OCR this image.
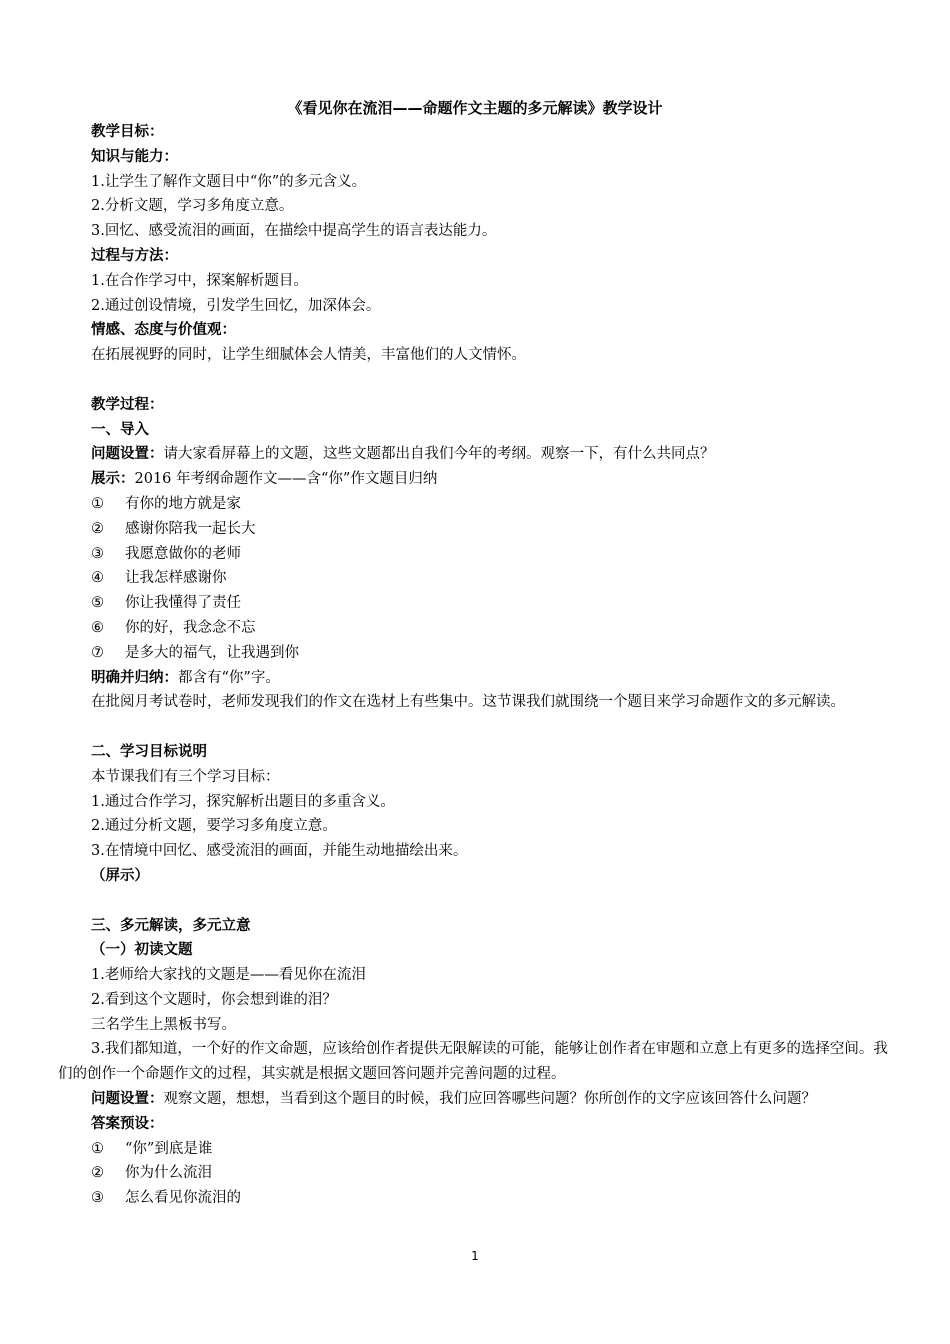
《看见你在流泪——命题作文主题的多元解读》教学设计
教学目标：
知识与能力：
1.让学生了解作文题目中“你”的多元含义。
2.分析文题，学习多角度立意。
3.回忆、感受流泪的画面，在描绘中提高学生的语言表达能力。
过程与方法：
1.在合作学习中，探案解析题目。
2.通过创设情境，引发学生回忆，加深体会。
情感、态度与价值观：
在拓展视野的同时，让学生细腻体会人情美，丰富他们的人文情怀。
教学过程：
一、导入
问题设置：请大家看屏幕上的文题，这些文题都出自我们今年的考纲。观察一下，有什么共同点？
展示：2016 年考纲命题作文——含“你”作文题目归纳
① 有你的地方就是家
② 感谢你陪我一起长大
③ 我愿意做你的老师
④ 让我怎样感谢你
⑤ 你让我懂得了责任
⑥ 你的好，我念念不忘
⑦ 是多大的福气，让我遇到你
明确并归纳：都含有“你”字。
在批阅月考试卷时，老师发现我们的作文在选材上有些集中。这节课我们就围绕一个题目来学习命题作文的多元解读。
二、学习目标说明
本节课我们有三个学习目标：
1.通过合作学习，探究解析出题目的多重含义。
2.通过分析文题，要学习多角度立意。
3.在情境中回忆、感受流泪的画面，并能生动地描绘出来。
（屏示）
三、多元解读，多元立意
（一）初读文题
1.老师给大家找的文题是——看见你在流泪
2.看到这个文题时，你会想到谁的泪？
三名学生上黑板书写。
3.我们都知道，一个好的作文命题，应该给创作者提供无限解读的可能，能够让创作者在审题和立意上有更多的选择空间。我们的创作一个命题作文的过程，其实就是根据文题回答问题并完善问题的过程。
问题设置：观察文题，想想，当看到这个题目的时候，我们应回答哪些问题？你所创作的文字应该回答什么问题？
答案预设：
① “你”到底是谁
② 你为什么流泪
③ 怎么看见你流泪的
1
